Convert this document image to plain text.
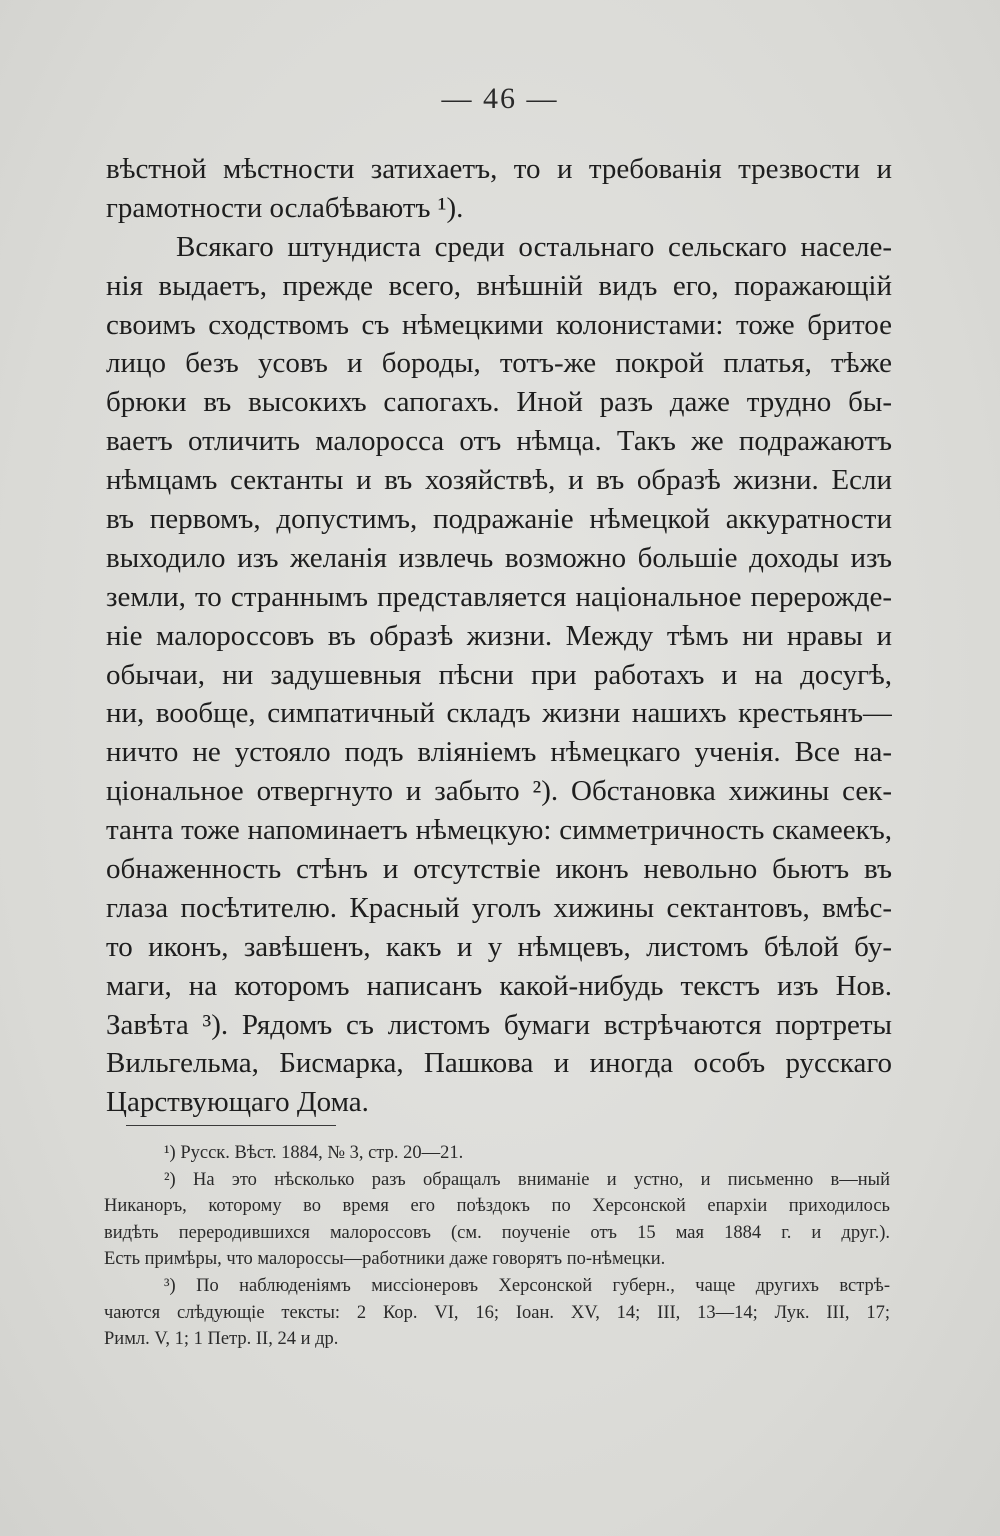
— 46 —
вѣстной мѣстности затихаетъ, то и требованія трезвости и
грамотности ослабѣваютъ ¹).
Всякаго штундиста среди остальнаго сельскаго населе-
нія выдаетъ, прежде всего, внѣшній видъ его, поражающій
своимъ сходствомъ съ нѣмецкими колонистами: тоже бритое
лицо безъ усовъ и бороды, тотъ-же покрой платья, тѣже
брюки въ высокихъ сапогахъ. Иной разъ даже трудно бы-
ваетъ отличить малоросса отъ нѣмца. Такъ же подражаютъ
нѣмцамъ сектанты и въ хозяйствѣ, и въ образѣ жизни. Если
въ первомъ, допустимъ, подражаніе нѣмецкой аккуратности
выходило изъ желанія извлечь возможно большіе доходы изъ
земли, то страннымъ представляется національное перерожде-
ніе малороссовъ въ образѣ жизни. Между тѣмъ ни нравы и
обычаи, ни задушевныя пѣсни при работахъ и на досугѣ,
ни, вообще, симпатичный складъ жизни нашихъ крестьянъ—
ничто не устояло подъ вліяніемъ нѣмецкаго ученія. Все на-
ціональное отвергнуто и забыто ²). Обстановка хижины сек-
танта тоже напоминаетъ нѣмецкую: симметричность скамеекъ,
обнаженность стѣнъ и отсутствіе иконъ невольно бьютъ въ
глаза посѣтителю. Красный уголъ хижины сектантовъ, вмѣс-
то иконъ, завѣшенъ, какъ и у нѣмцевъ, листомъ бѣлой бу-
маги, на которомъ написанъ какой-нибудь текстъ изъ Нов.
Завѣта ³). Рядомъ съ листомъ бумаги встрѣчаются портреты
Вильгельма, Бисмарка, Пашкова и иногда особъ русскаго
Царствующаго Дома.
¹) Русск. Вѣст. 1884, № 3, стр. 20—21.
²) На это нѣсколько разъ обращалъ вниманіе и устно, и письменно в—ный
Никаноръ, которому во время его поѣздокъ по Херсонской епархіи приходилось
видѣть переродившихся малороссовъ (см. поученіе отъ 15 мая 1884 г. и друг.).
Есть примѣры, что малороссы—работники даже говорятъ по-нѣмецки.
³) По наблюденіямъ миссіонеровъ Херсонской губерн., чаще другихъ встрѣ-
чаются слѣдующіе тексты: 2 Кор. VI, 16; Іоан. XV, 14; III, 13—14; Лук. III, 17;
Римл. V, 1; 1 Петр. II, 24 и др.
